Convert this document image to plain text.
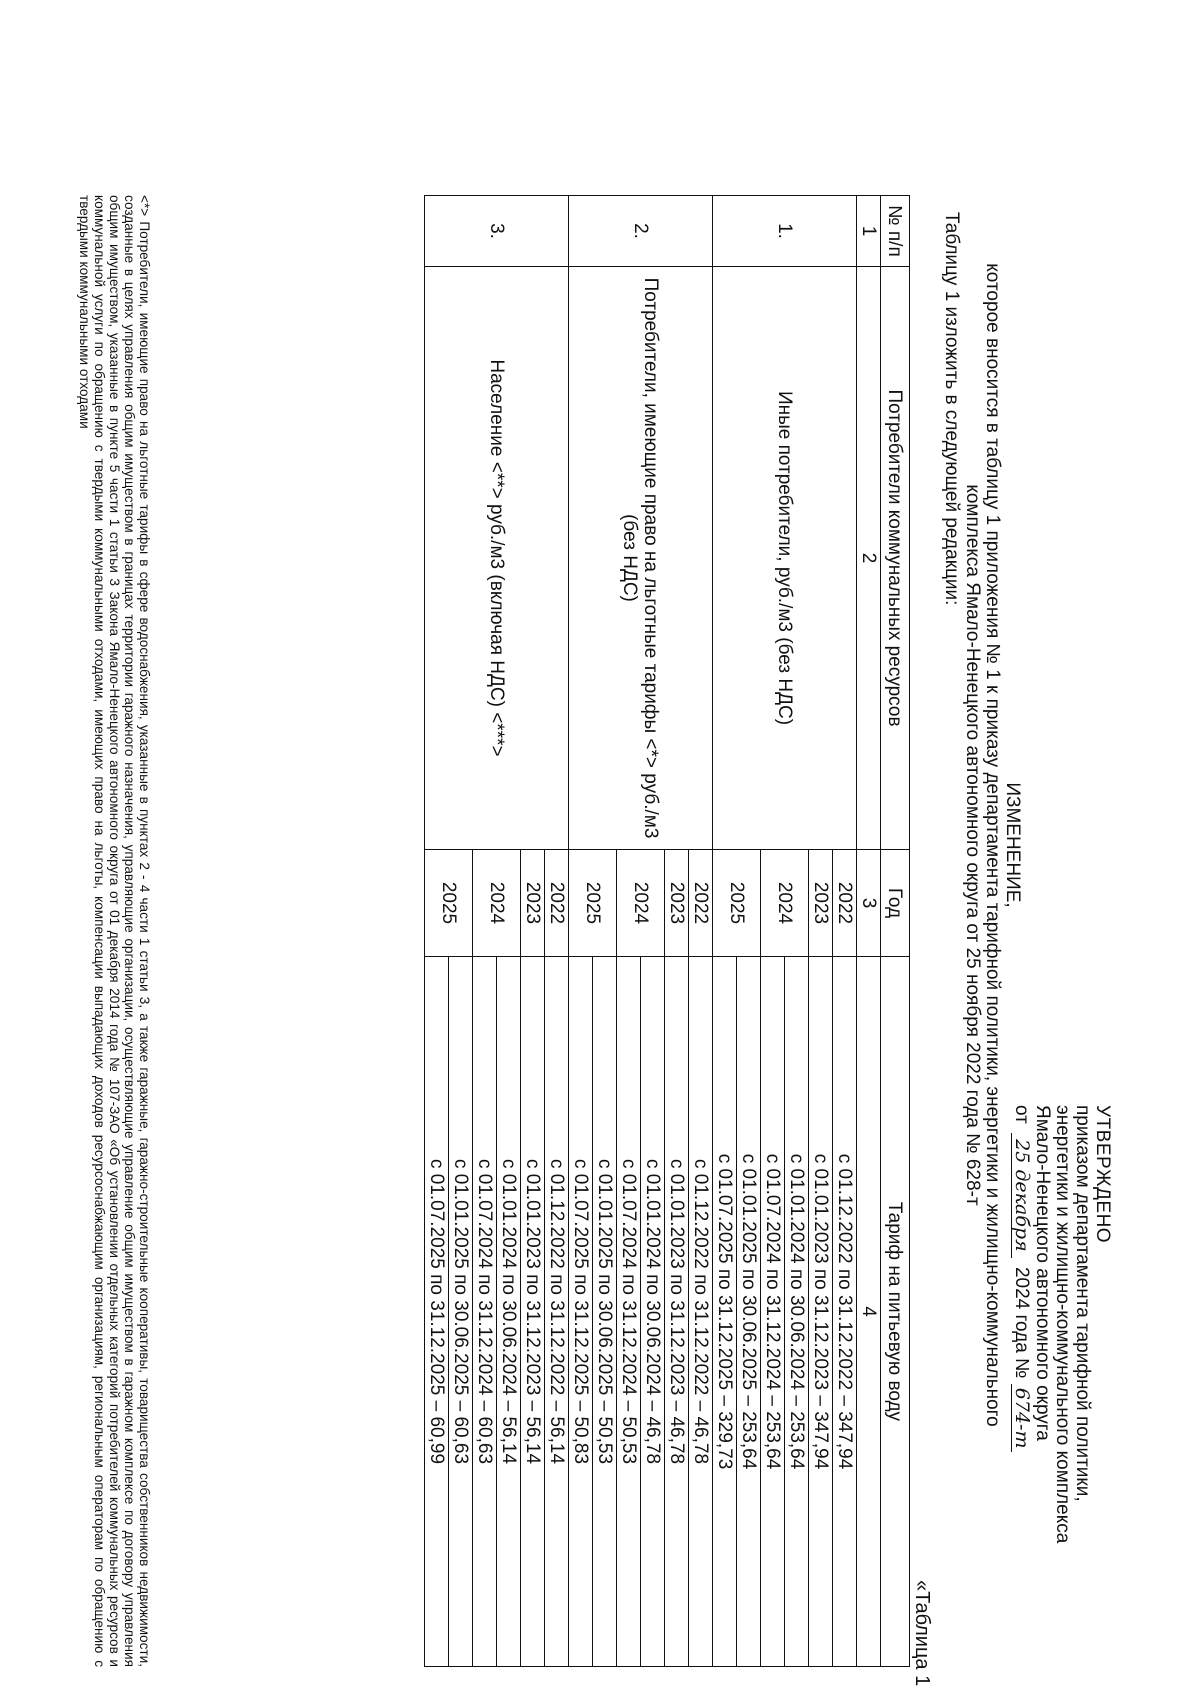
УТВЕРЖДЕНО
приказом департамента тарифной политики,
энергетики и жилищно-коммунального комплекса
Ямало-Ненецкого автономного округа
от 25 декабря 2024 года № 674-т
ИЗМЕНЕНИЕ,
которое вносится в таблицу 1 приложения № 1 к приказу департамента тарифной политики, энергетики и жилищно-коммунального
комплекса Ямало-Ненецкого автономного округа от 25 ноября 2022 года № 628-т
Таблицу 1 изложить в следующей редакции:
«Таблица 1
№ п/п	Потребители коммунальных ресурсов	Год	Тариф на питьевую воду
1	2	3	4
1.	Иные потребители, руб./м3 (без НДС)	2022	с 01.12.2022 по 31.12.2022 – 347,94
		2023	с 01.01.2023 по 31.12.2023 – 347,94
		2024	с 01.01.2024 по 30.06.2024 – 253,64
			с 01.07.2024 по 31.12.2024 – 253,64
		2025	с 01.01.2025 по 30.06.2025 – 253,64
			с 01.07.2025 по 31.12.2025 – 329,73
2.	Потребители, имеющие право на льготные тарифы <*> руб./м3 (без НДС)	2022	с 01.12.2022 по 31.12.2022 – 46,78
		2023	с 01.01.2023 по 31.12.2023 – 46,78
		2024	с 01.01.2024 по 30.06.2024 – 46,78
			с 01.07.2024 по 31.12.2024 – 50,53
		2025	с 01.01.2025 по 30.06.2025 – 50,53
			с 01.07.2025 по 31.12.2025 – 50,83
3.	Население <**> руб./м3 (включая НДС) <***>	2022	с 01.12.2022 по 31.12.2022 – 56,14
		2023	с 01.01.2023 по 31.12.2023 – 56,14
		2024	с 01.01.2024 по 30.06.2024 – 56,14
			с 01.07.2024 по 31.12.2024 – 60,63
		2025	с 01.01.2025 по 30.06.2025 – 60,63
			с 01.07.2025 по 31.12.2025 – 60,99
<*> Потребители, имеющие право на льготные тарифы в сфере водоснабжения, указанные в пунктах 2 - 4 части 1 статьи 3, а также гаражные, гаражно-строительные кооперативы, товарищества собственников недвижимости, созданные в целях управления общим имуществом в границах территории гаражного назначения, управляющие организации, осуществляющие управление общим имуществом в гаражном комплексе по договору управления общим имуществом, указанные в пункте 5 части 1 статьи 3 Закона Ямало-Ненецкого автономного округа от 01 декабря 2014 года № 107-ЗАО «Об установлении отдельных категорий потребителей коммунальных ресурсов и коммунальной услуги по обращению с твердыми коммунальными отходами, имеющих право на льготы, компенсации выпадающих доходов ресурсоснабжающим организациям, региональным операторам по обращению с твердыми коммунальными отходами
